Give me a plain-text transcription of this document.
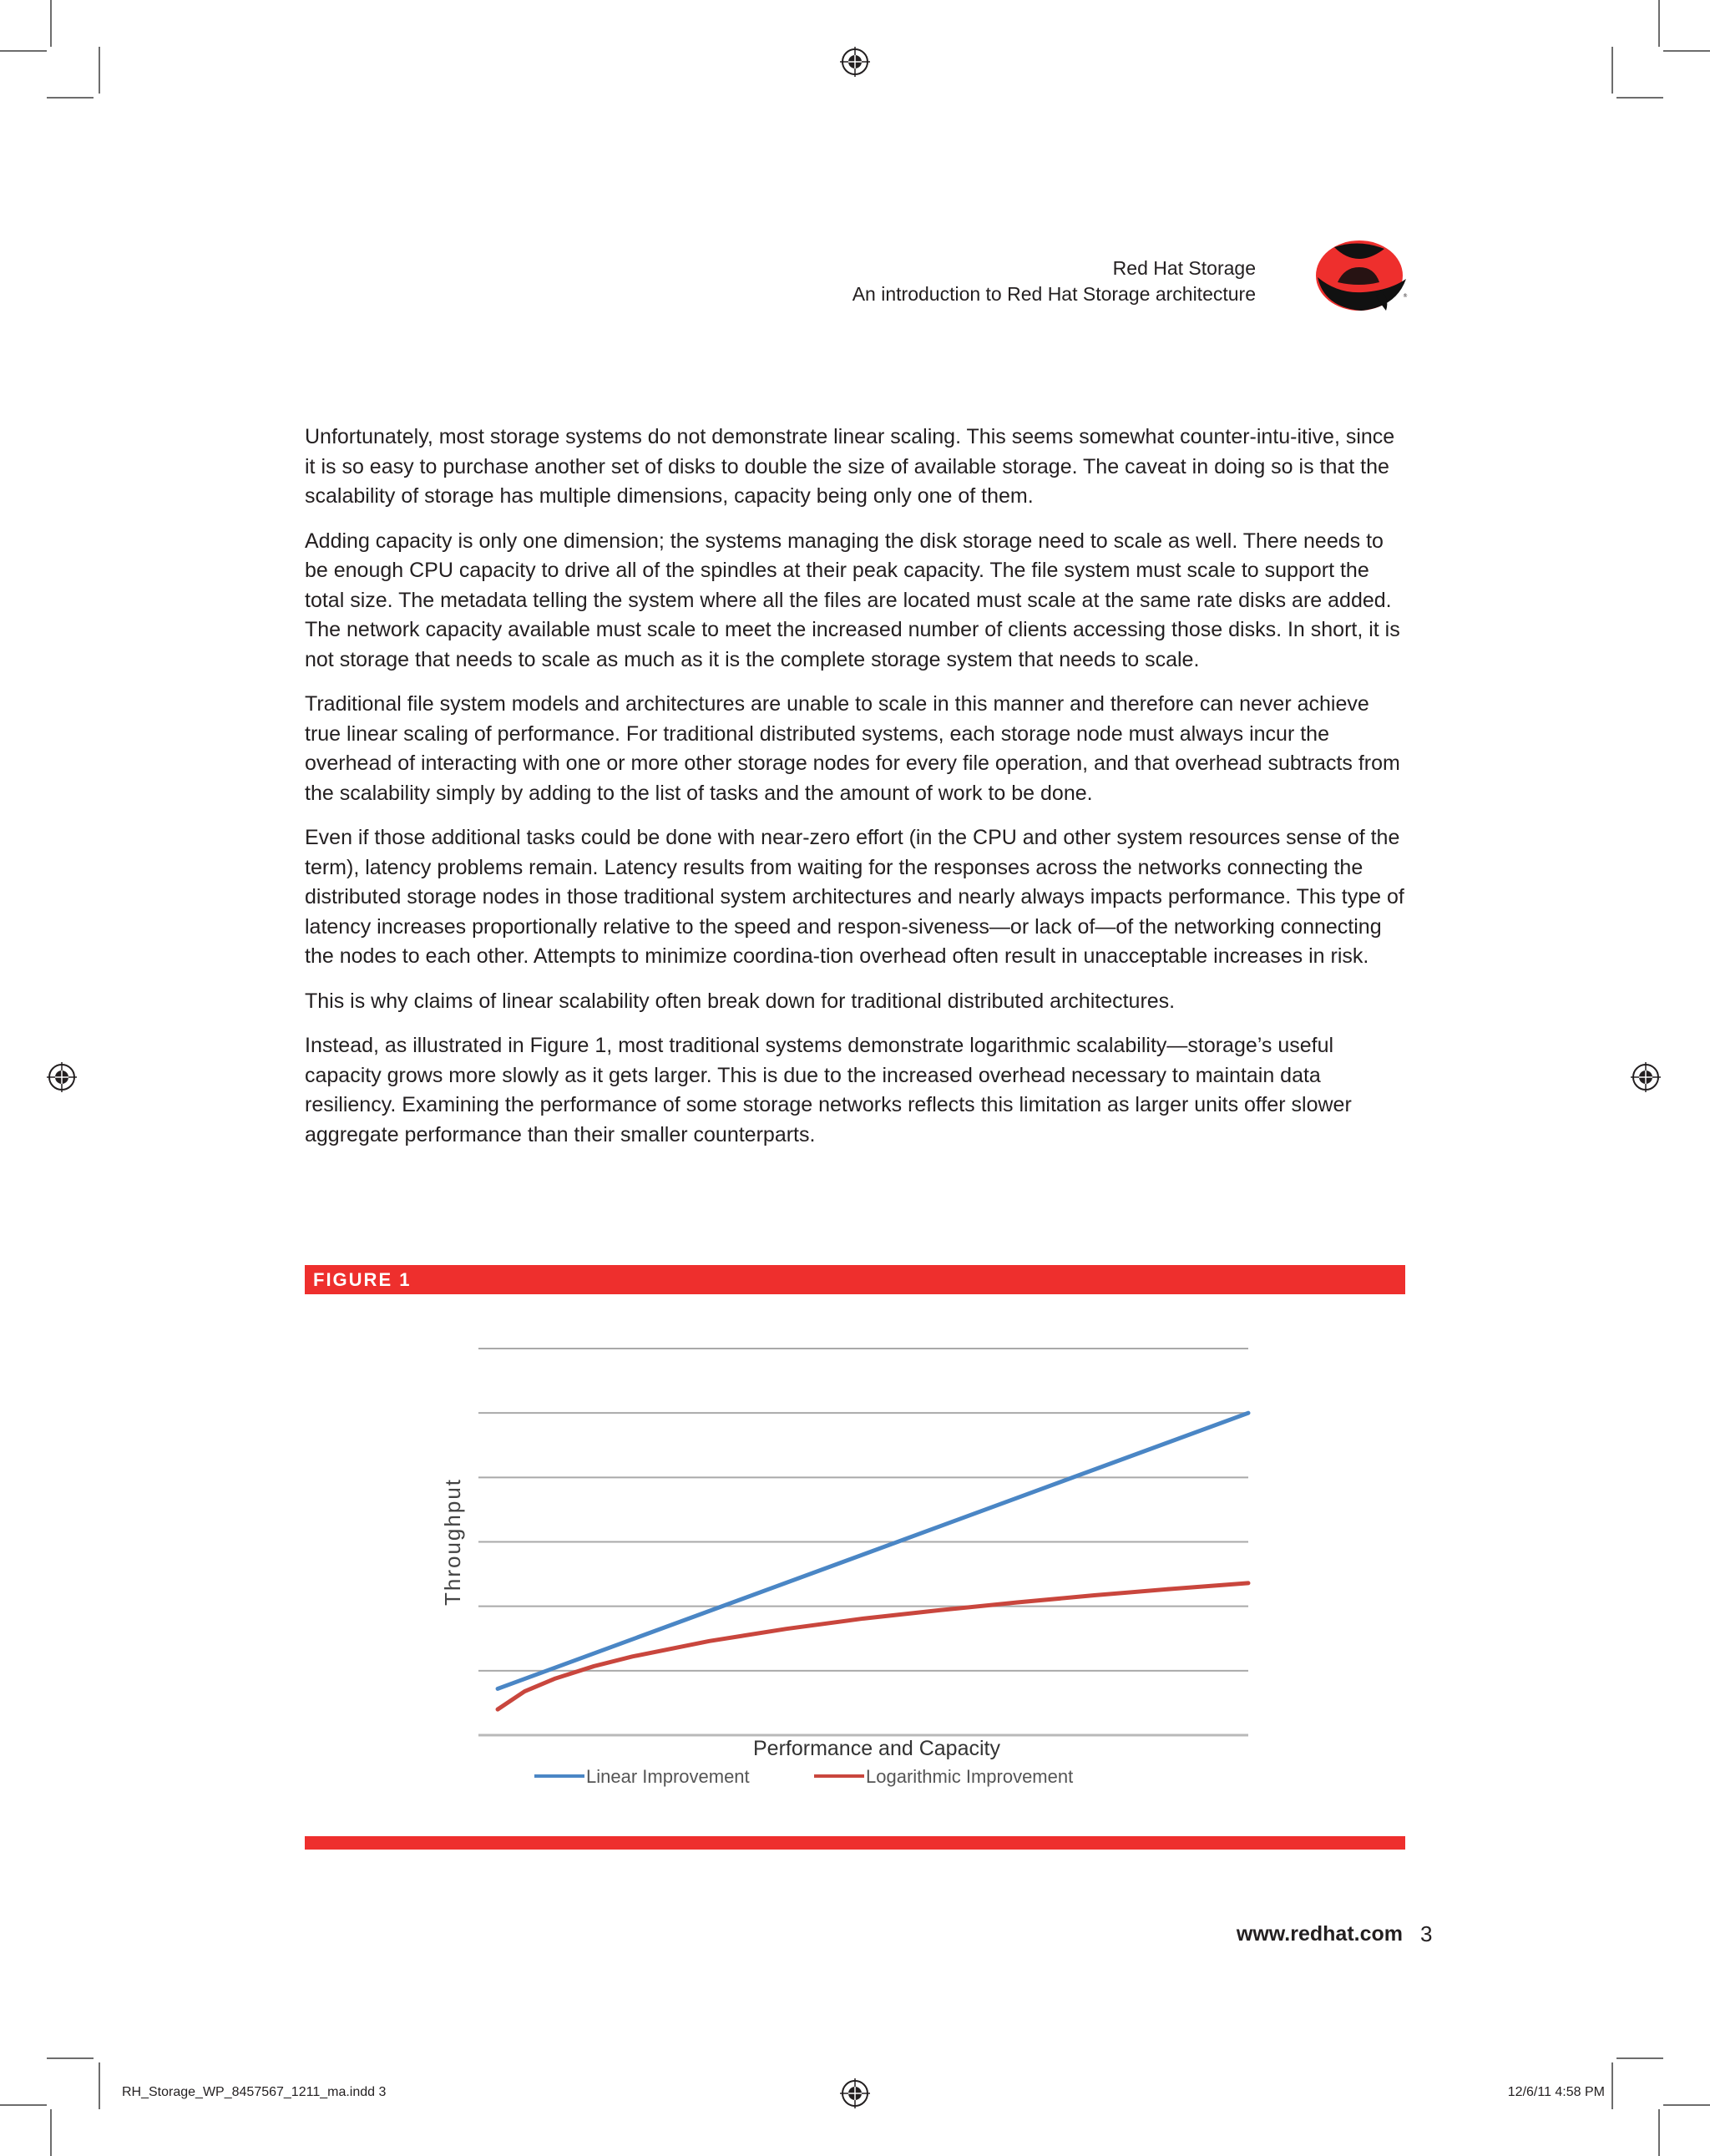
Red Hat Storage
An introduction to Red Hat Storage architecture	®

Unfortunately, most storage systems do not demonstrate linear scaling. This seems somewhat counter-intu-itive, since it is so easy to purchase another set of disks to double the size of available storage. The caveat in doing so is that the scalability of storage has multiple dimensions, capacity being only one of them.

Adding capacity is only one dimension; the systems managing the disk storage need to scale as well. There needs to be enough CPU capacity to drive all of the spindles at their peak capacity. The file system must scale to support the total size. The metadata telling the system where all the files are located must scale at the same rate disks are added. The network capacity available must scale to meet the increased number of clients accessing those disks. In short, it is not storage that needs to scale as much as it is the complete storage system that needs to scale.

Traditional file system models and architectures are unable to scale in this manner and therefore can never achieve true linear scaling of performance. For traditional distributed systems, each storage node must always incur the overhead of interacting with one or more other storage nodes for every file operation, and that overhead subtracts from the scalability simply by adding to the list of tasks and the amount of work to be done.

Even if those additional tasks could be done with near-zero effort (in the CPU and other system resources sense of the term), latency problems remain. Latency results from waiting for the responses across the networks connecting the distributed storage nodes in those traditional system architectures and nearly always impacts performance. This type of latency increases proportionally relative to the speed and respon-siveness—or lack of—of the networking connecting the nodes to each other. Attempts to minimize coordina-tion overhead often result in unacceptable increases in risk.

This is why claims of linear scalability often break down for traditional distributed architectures.

Instead, as illustrated in Figure 1, most traditional systems demonstrate logarithmic scalability—storage’s useful capacity grows more slowly as it gets larger. This is due to the increased overhead necessary to maintain data resiliency. Examining the performance of some storage networks reflects this limitation as larger units offer slower aggregate performance than their smaller counterparts.

FIGURE 1
Throughput
Performance and Capacity
Linear Improvement	Logarithmic Improvement
www.redhat.com 3
RH_Storage_WP_8457567_1211_ma.indd 3	12/6/11 4:58 PM
